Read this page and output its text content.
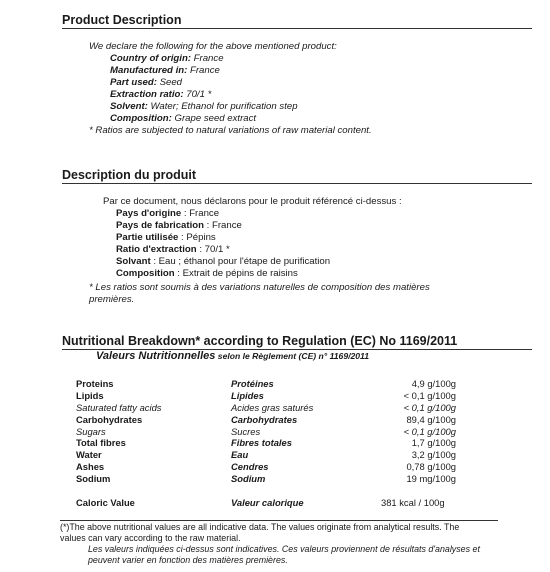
Product Description
We declare the following for the above mentioned product:
Country of origin: France
Manufactured in: France
Part used: Seed
Extraction ratio: 70/1 *
Solvent: Water; Ethanol for purification step
Composition: Grape seed extract
* Ratios are subjected to natural variations of raw material content.
Description du produit
Par ce document, nous déclarons pour le produit référencé ci-dessus :
Pays d'origine : France
Pays de fabrication : France
Partie utilisée : Pépins
Ratio d'extraction : 70/1 *
Solvant : Eau ; éthanol pour l'étape de purification
Composition : Extrait de pépins de raisins
* Les ratios sont soumis à des variations naturelles de composition des matières
premières.
Nutritional Breakdown* according to Regulation (EC) No 1169/2011
Valeurs Nutritionnelles selon le Règlement (CE) n° 1169/2011
Proteins	Protéines	4,9 g/100g
Lipids	Lipides	< 0,1 g/100g
Saturated fatty acids	Acides gras saturés	< 0,1 g/100g
Carbohydrates	Carbohydrates	89,4 g/100g
Sugars	Sucres	< 0,1 g/100g
Total fibres	Fibres totales	1,7 g/100g
Water	Eau	3,2 g/100g
Ashes	Cendres	0,78 g/100g
Sodium	Sodium	19 mg/100g
Caloric Value	Valeur calorique	381 kcal / 100g
(*)The above nutritional values are all indicative data. The values originate from analytical results. The
values can vary according to the raw material.
Les valeurs indiquées ci-dessus sont indicatives. Ces valeurs proviennent de résultats d'analyses et
peuvent varier en fonction des matières premières.
